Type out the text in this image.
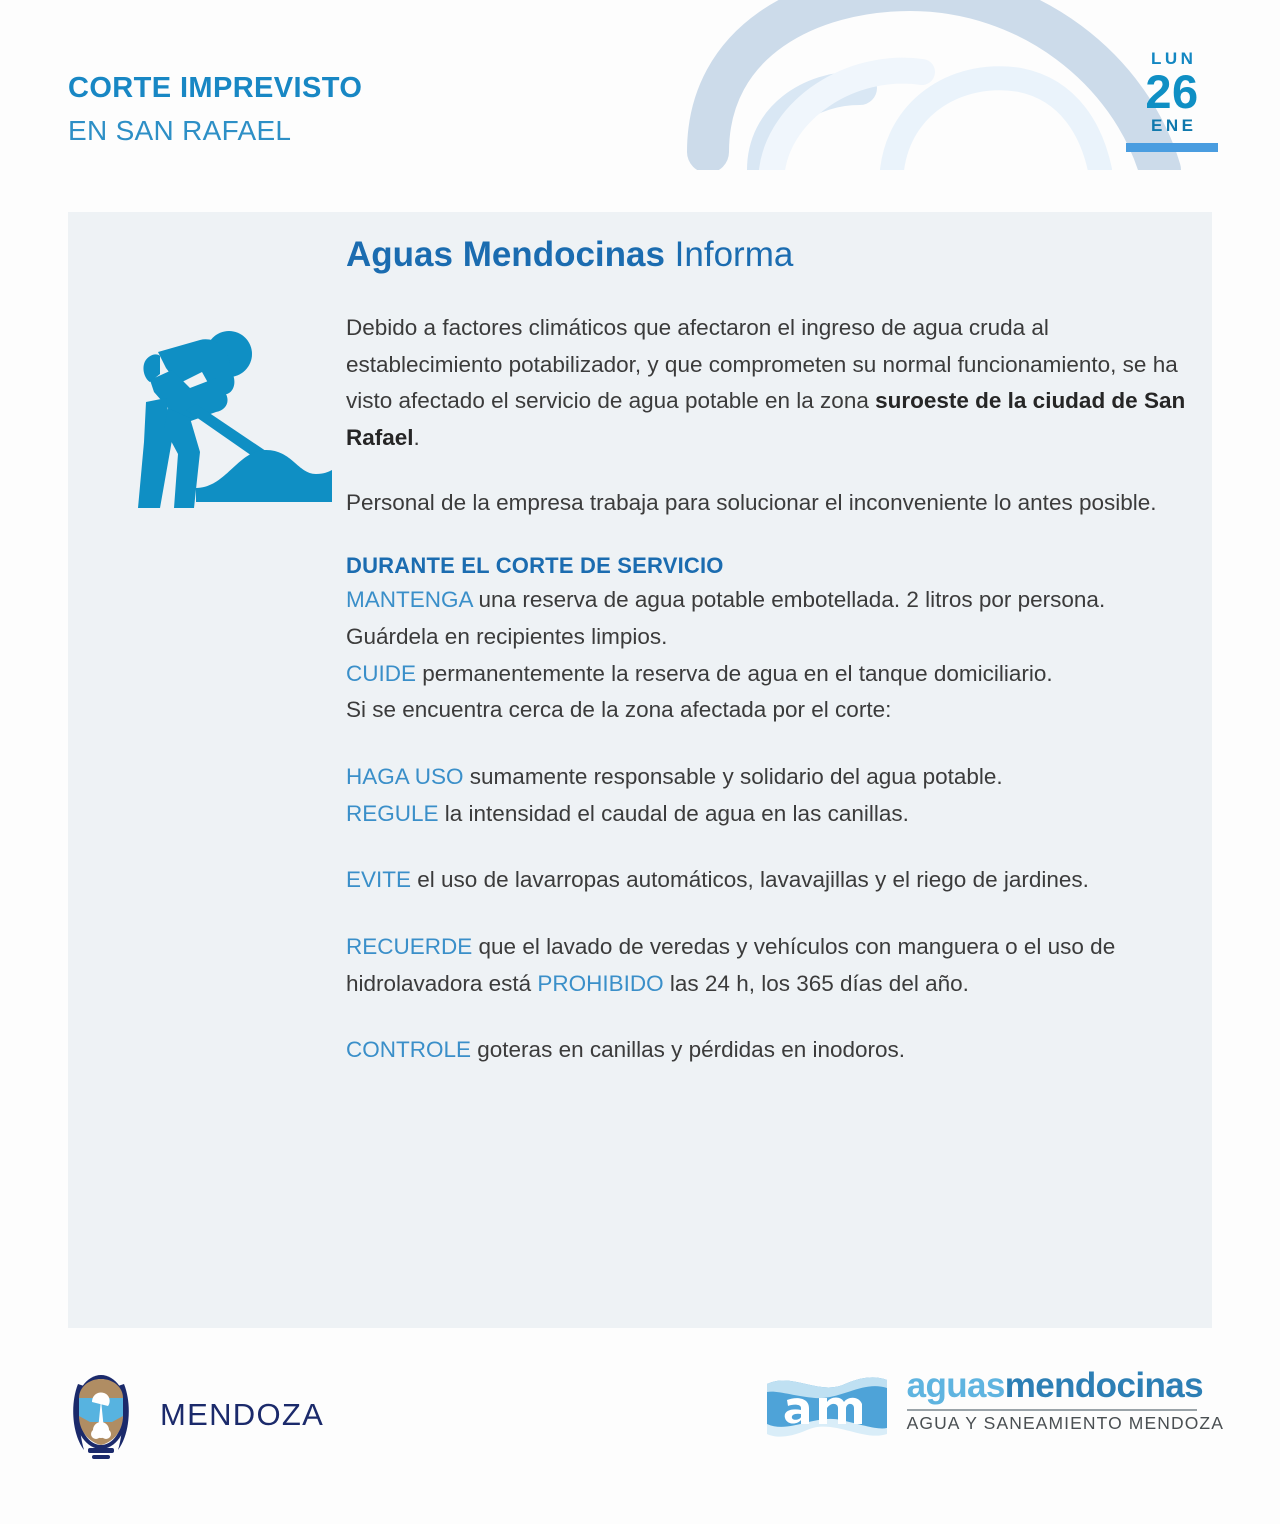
CORTE IMPREVISTO
EN SAN RAFAEL
LUN
26
ENE
Aguas Mendocinas Informa

Debido a factores climáticos que afectaron el ingreso de agua cruda al establecimiento potabilizador, y que comprometen su normal funcionamiento, se ha visto afectado el servicio de agua potable en la zona suroeste de la ciudad de San Rafael.

Personal de la empresa trabaja para solucionar el inconveniente lo antes posible.

DURANTE EL CORTE DE SERVICIO

MANTENGA una reserva de agua potable embotellada. 2 litros por persona. Guárdela en recipientes limpios.

CUIDE permanentemente la reserva de agua en el tanque domiciliario.

Si se encuentra cerca de la zona afectada por el corte:

HAGA USO sumamente responsable y solidario del agua potable.

REGULE la intensidad el caudal de agua en las canillas.

EVITE el uso de lavarropas automáticos, lavavajillas y el riego de jardines.

RECUERDE que el lavado de veredas y vehículos con manguera o el uso de hidrolavadora está PROHIBIDO las 24 h, los 365 días del año.

CONTROLE goteras en canillas y pérdidas en inodoros.

MENDOZA
aguasmendocinas
AGUA Y SANEAMIENTO MENDOZA
